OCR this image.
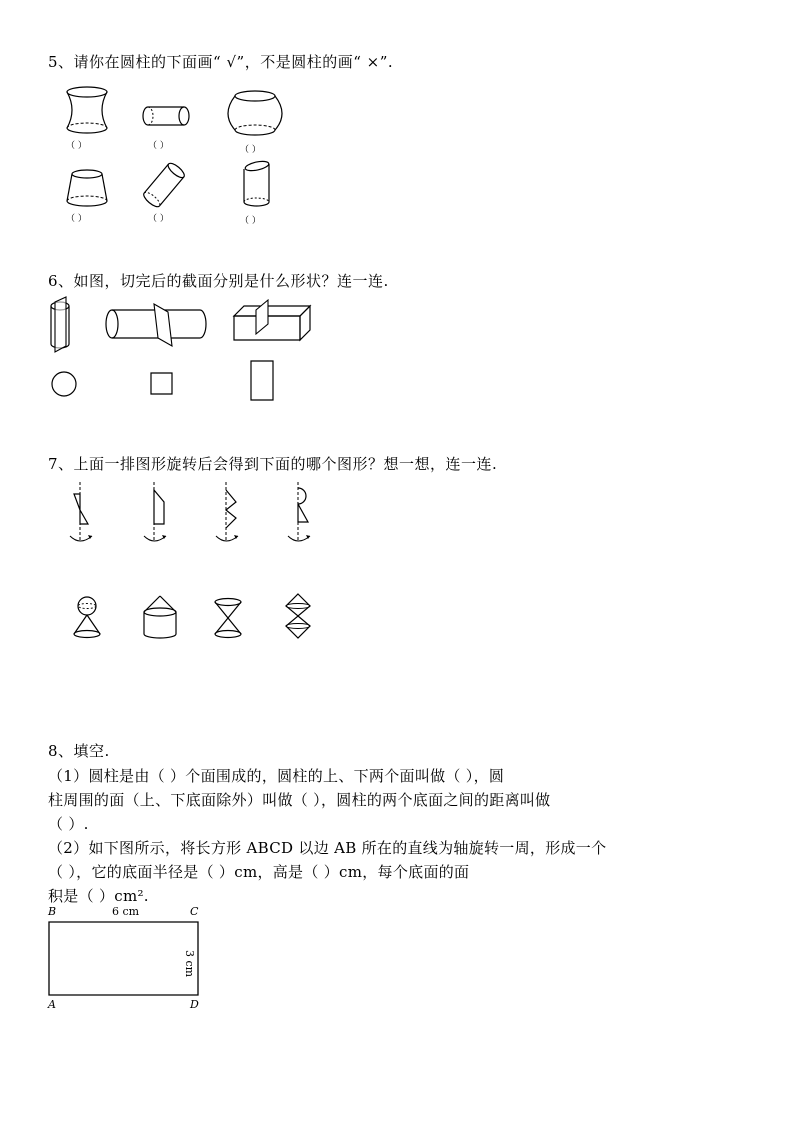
5、请你在圆柱的下面画“ √”，不是圆柱的画“ ×”.
（ ）	（ ）	（ ）
（ ）	（ ）	（ ）
6、如图，切完后的截面分别是什么形状？连一连.
7、上面一排图形旋转后会得到下面的哪个图形？想一想，连一连.
8、填空.
（1）圆柱是由（ ）个面围成的，圆柱的上、下两个面叫做（ ），圆
柱周围的面（上、下底面除外）叫做（ ），圆柱的两个底面之间的距离叫做
（ ）.
（2）如下图所示，将长方形 ABCD 以边 AB 所在的直线为轴旋转一周，形成一个
（ ），它的底面半径是（ ）cm，高是（ ）cm，每个底面的面
积是（ ）cm².
B	6 cm	C
3 cm
A	D
